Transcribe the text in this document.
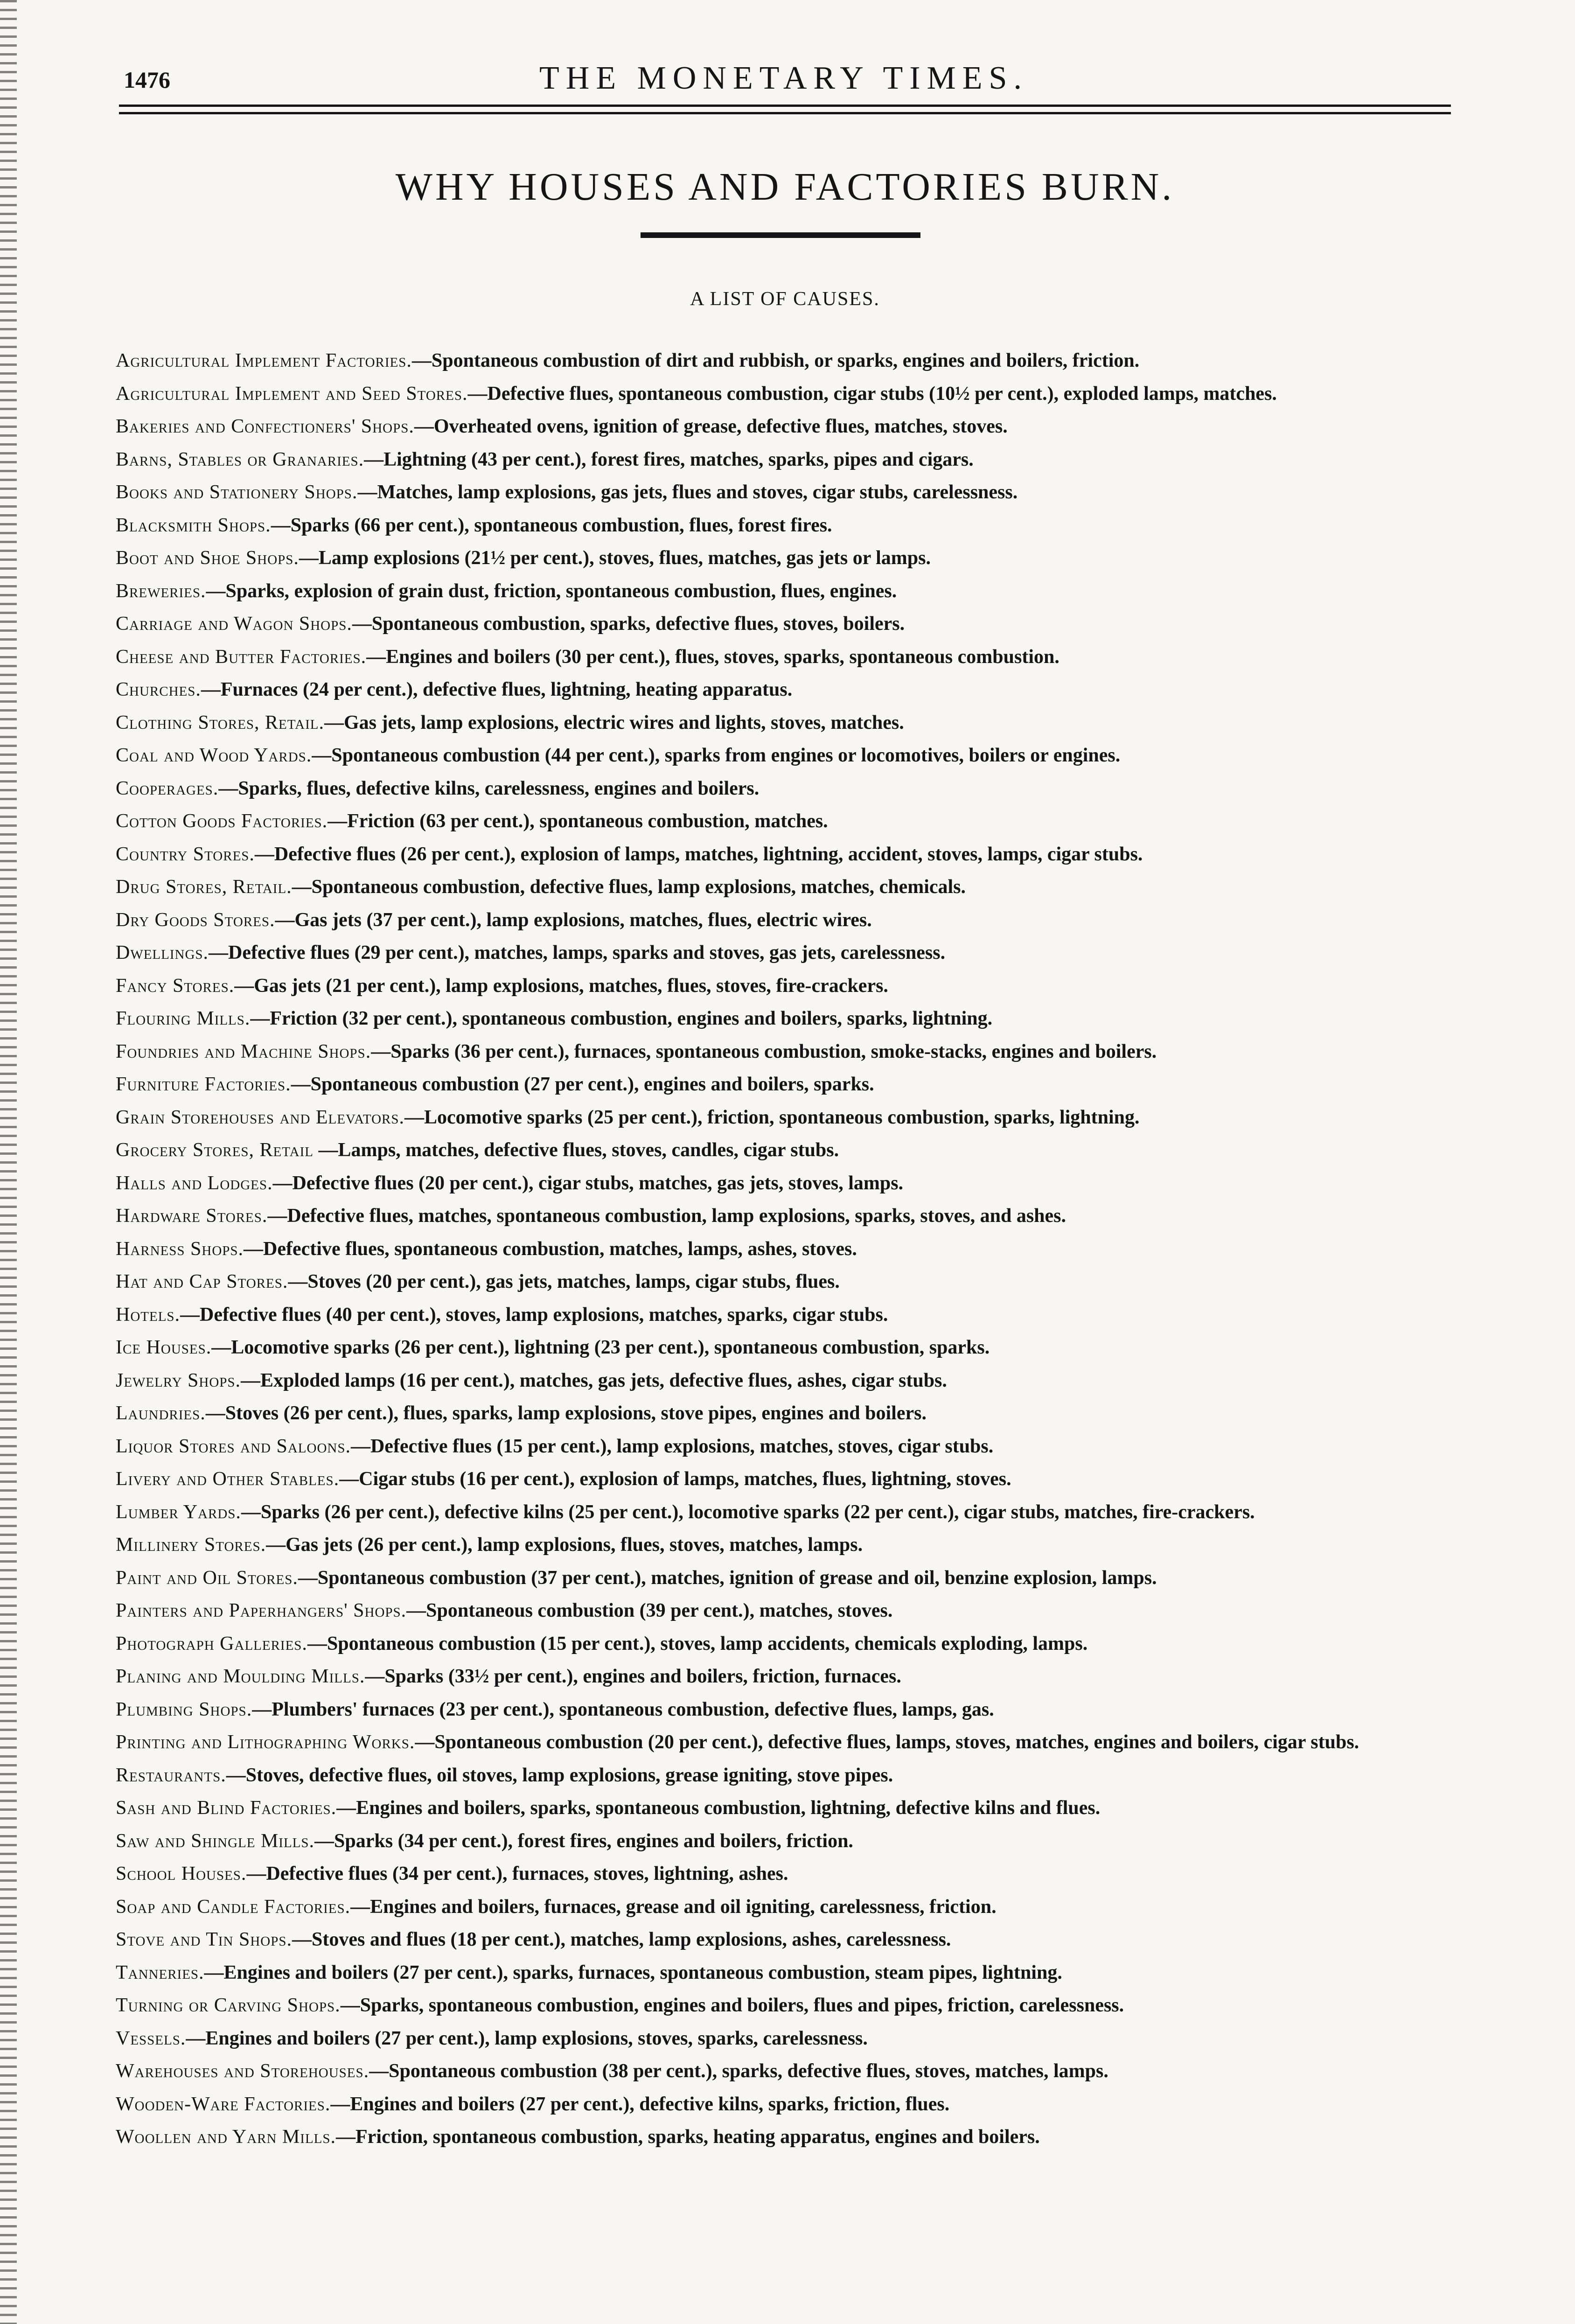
1476	THE MONETARY TIMES.
WHY HOUSES AND FACTORIES BURN.
A LIST OF CAUSES.
Agricultural Implement Factories.—Spontaneous combustion of dirt and rubbish, or sparks, engines and boilers, friction.
Agricultural Implement and Seed Stores.—Defective flues, spontaneous combustion, cigar stubs (10½ per cent.), exploded lamps, matches.
Bakeries and Confectioners' Shops.—Overheated ovens, ignition of grease, defective flues, matches, stoves.
Barns, Stables or Granaries.—Lightning (43 per cent.), forest fires, matches, sparks, pipes and cigars.
Books and Stationery Shops.—Matches, lamp explosions, gas jets, flues and stoves, cigar stubs, carelessness.
Blacksmith Shops.—Sparks (66 per cent.), spontaneous combustion, flues, forest fires.
Boot and Shoe Shops.—Lamp explosions (21½ per cent.), stoves, flues, matches, gas jets or lamps.
Breweries.—Sparks, explosion of grain dust, friction, spontaneous combustion, flues, engines.
Carriage and Wagon Shops.—Spontaneous combustion, sparks, defective flues, stoves, boilers.
Cheese and Butter Factories.—Engines and boilers (30 per cent.), flues, stoves, sparks, spontaneous combustion.
Churches.—Furnaces (24 per cent.), defective flues, lightning, heating apparatus.
Clothing Stores, Retail.—Gas jets, lamp explosions, electric wires and lights, stoves, matches.
Coal and Wood Yards.—Spontaneous combustion (44 per cent.), sparks from engines or locomotives, boilers or engines.
Cooperages.—Sparks, flues, defective kilns, carelessness, engines and boilers.
Cotton Goods Factories.—Friction (63 per cent.), spontaneous combustion, matches.
Country Stores.—Defective flues (26 per cent.), explosion of lamps, matches, lightning, accident, stoves, lamps, cigar stubs.
Drug Stores, Retail.—Spontaneous combustion, defective flues, lamp explosions, matches, chemicals.
Dry Goods Stores.—Gas jets (37 per cent.), lamp explosions, matches, flues, electric wires.
Dwellings.—Defective flues (29 per cent.), matches, lamps, sparks and stoves, gas jets, carelessness.
Fancy Stores.—Gas jets (21 per cent.), lamp explosions, matches, flues, stoves, fire-crackers.
Flouring Mills.—Friction (32 per cent.), spontaneous combustion, engines and boilers, sparks, lightning.
Foundries and Machine Shops.—Sparks (36 per cent.), furnaces, spontaneous combustion, smoke-stacks, engines and boilers.
Furniture Factories.—Spontaneous combustion (27 per cent.), engines and boilers, sparks.
Grain Storehouses and Elevators.—Locomotive sparks (25 per cent.), friction, spontaneous combustion, sparks, lightning.
Grocery Stores, Retail —Lamps, matches, defective flues, stoves, candles, cigar stubs.
Halls and Lodges.—Defective flues (20 per cent.), cigar stubs, matches, gas jets, stoves, lamps.
Hardware Stores.—Defective flues, matches, spontaneous combustion, lamp explosions, sparks, stoves, and ashes.
Harness Shops.—Defective flues, spontaneous combustion, matches, lamps, ashes, stoves.
Hat and Cap Stores.—Stoves (20 per cent.), gas jets, matches, lamps, cigar stubs, flues.
Hotels.—Defective flues (40 per cent.), stoves, lamp explosions, matches, sparks, cigar stubs.
Ice Houses.—Locomotive sparks (26 per cent.), lightning (23 per cent.), spontaneous combustion, sparks.
Jewelry Shops.—Exploded lamps (16 per cent.), matches, gas jets, defective flues, ashes, cigar stubs.
Laundries.—Stoves (26 per cent.), flues, sparks, lamp explosions, stove pipes, engines and boilers.
Liquor Stores and Saloons.—Defective flues (15 per cent.), lamp explosions, matches, stoves, cigar stubs.
Livery and Other Stables.—Cigar stubs (16 per cent.), explosion of lamps, matches, flues, lightning, stoves.
Lumber Yards.—Sparks (26 per cent.), defective kilns (25 per cent.), locomotive sparks (22 per cent.), cigar stubs, matches, fire-crackers.
Millinery Stores.—Gas jets (26 per cent.), lamp explosions, flues, stoves, matches, lamps.
Paint and Oil Stores.—Spontaneous combustion (37 per cent.), matches, ignition of grease and oil, benzine explosion, lamps.
Painters and Paperhangers' Shops.—Spontaneous combustion (39 per cent.), matches, stoves.
Photograph Galleries.—Spontaneous combustion (15 per cent.), stoves, lamp accidents, chemicals exploding, lamps.
Planing and Moulding Mills.—Sparks (33½ per cent.), engines and boilers, friction, furnaces.
Plumbing Shops.—Plumbers' furnaces (23 per cent.), spontaneous combustion, defective flues, lamps, gas.
Printing and Lithographing Works.—Spontaneous combustion (20 per cent.), defective flues, lamps, stoves, matches, engines and boilers, cigar stubs.
Restaurants.—Stoves, defective flues, oil stoves, lamp explosions, grease igniting, stove pipes.
Sash and Blind Factories.—Engines and boilers, sparks, spontaneous combustion, lightning, defective kilns and flues.
Saw and Shingle Mills.—Sparks (34 per cent.), forest fires, engines and boilers, friction.
School Houses.—Defective flues (34 per cent.), furnaces, stoves, lightning, ashes.
Soap and Candle Factories.—Engines and boilers, furnaces, grease and oil igniting, carelessness, friction.
Stove and Tin Shops.—Stoves and flues (18 per cent.), matches, lamp explosions, ashes, carelessness.
Tanneries.—Engines and boilers (27 per cent.), sparks, furnaces, spontaneous combustion, steam pipes, lightning.
Turning or Carving Shops.—Sparks, spontaneous combustion, engines and boilers, flues and pipes, friction, carelessness.
Vessels.—Engines and boilers (27 per cent.), lamp explosions, stoves, sparks, carelessness.
Warehouses and Storehouses.—Spontaneous combustion (38 per cent.), sparks, defective flues, stoves, matches, lamps.
Wooden-Ware Factories.—Engines and boilers (27 per cent.), defective kilns, sparks, friction, flues.
Woollen and Yarn Mills.—Friction, spontaneous combustion, sparks, heating apparatus, engines and boilers.
